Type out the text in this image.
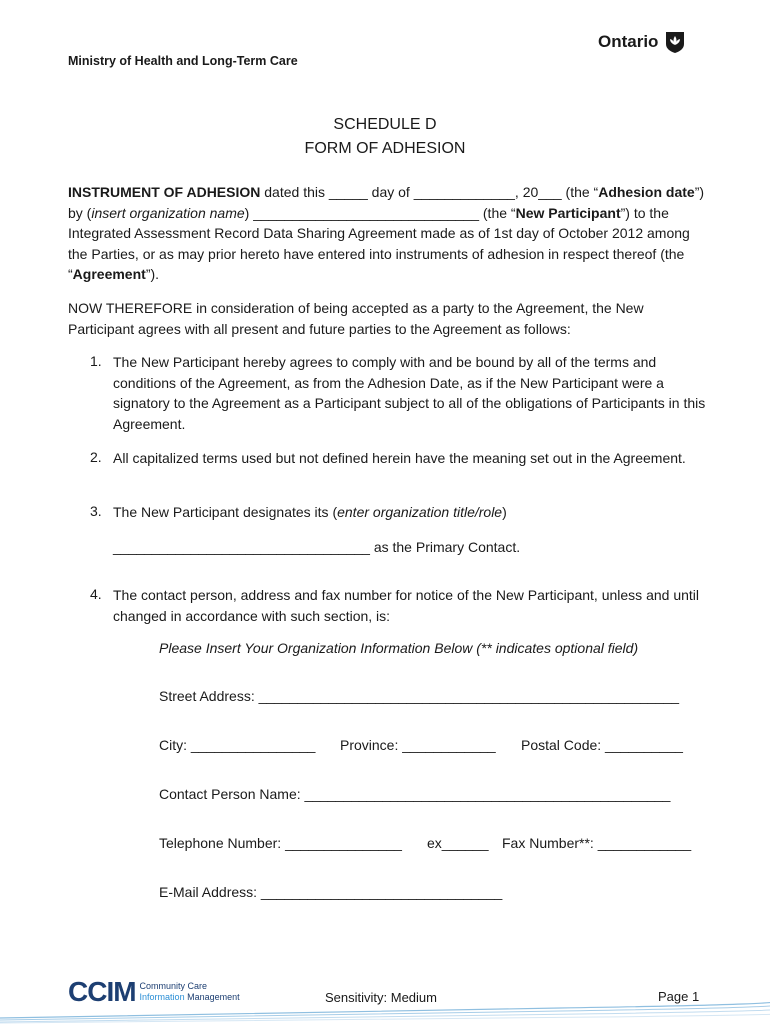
Ministry of Health and Long-Term Care
Ontario
SCHEDULE D
FORM OF ADHESION
INSTRUMENT OF ADHESION dated this _____ day of _____________, 20___ (the “Adhesion date”) by (insert organization name) _____________________________ (the “New Participant”) to the Integrated Assessment Record Data Sharing Agreement made as of 1st day of October 2012 among the Parties, or as may prior hereto have entered into instruments of adhesion in respect thereof (the “Agreement”).
NOW THEREFORE in consideration of being accepted as a party to the Agreement, the New Participant agrees with all present and future parties to the Agreement as follows:
1. The New Participant hereby agrees to comply with and be bound by all of the terms and conditions of the Agreement, as from the Adhesion Date, as if the New Participant were a signatory to the Agreement as a Participant subject to all of the obligations of Participants in this Agreement.
2. All capitalized terms used but not defined herein have the meaning set out in the Agreement.
3. The New Participant designates its (enter organization title/role)
_________________________________ as the Primary Contact.
4. The contact person, address and fax number for notice of the New Participant, unless and until changed in accordance with such section, is:
Please Insert Your Organization Information Below (** indicates optional field)
Street Address: ______________________________________________________
City: ________________ Province: ____________ Postal Code: __________
Contact Person Name: _______________________________________________
Telephone Number: _______________ ex______ Fax Number**: ____________
E-Mail Address: _______________________________
CCIM Community Care
Information Management	Sensitivity: Medium	Page 1
